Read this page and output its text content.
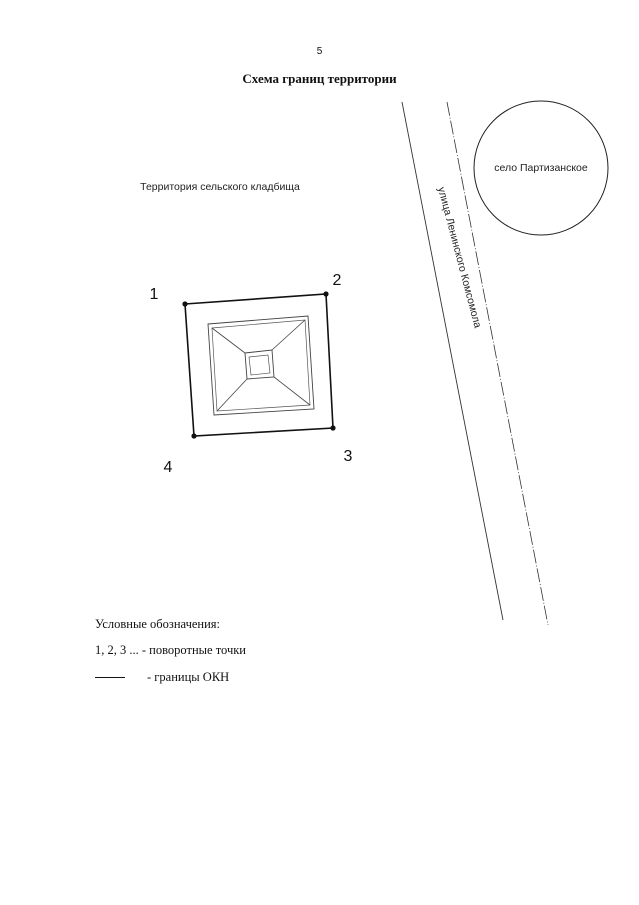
5
Схема границ территории
село Партизанское
улица Ленинского Комсомола
Территория сельского кладбища
1
2
3
4
Условные обозначения:
1, 2, 3 ... - поворотные точки
- границы ОКН
